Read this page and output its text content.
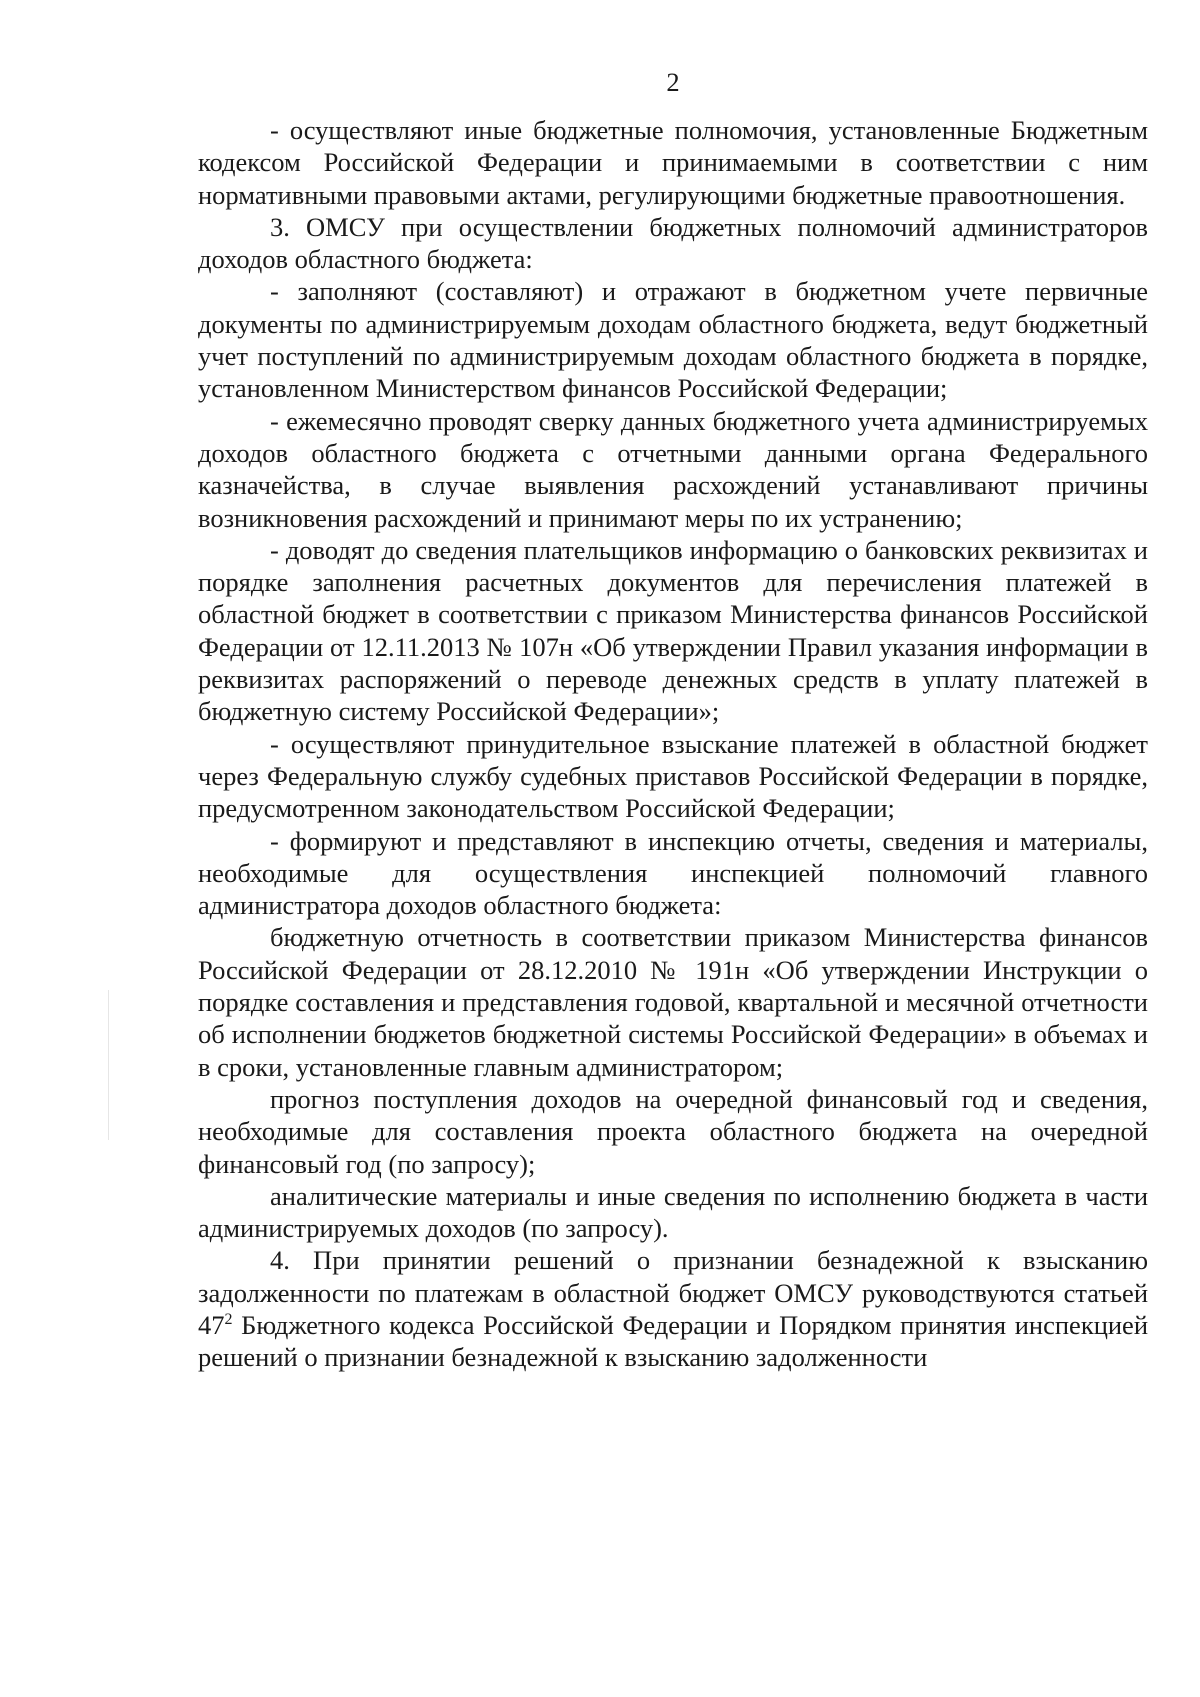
2

- осуществляют иные бюджетные полномочия, установленные Бюджетным кодексом Российской Федерации и принимаемыми в соответствии с ним нормативными правовыми актами, регулирующими бюджетные правоотношения.

3. ОМСУ при осуществлении бюджетных полномочий администраторов доходов областного бюджета:

- заполняют (составляют) и отражают в бюджетном учете первичные документы по администрируемым доходам областного бюджета, ведут бюджетный учет поступлений по администрируемым доходам областного бюджета в порядке, установленном Министерством финансов Российской Федерации;

- ежемесячно проводят сверку данных бюджетного учета администрируемых доходов областного бюджета с отчетными данными органа Федерального казначейства, в случае выявления расхождений устанавливают причины возникновения расхождений и принимают меры по их устранению;

- доводят до сведения плательщиков информацию о банковских реквизитах и порядке заполнения расчетных документов для перечисления платежей в областной бюджет в соответствии с приказом Министерства финансов Российской Федерации от 12.11.2013 № 107н «Об утверждении Правил указания информации в реквизитах распоряжений о переводе денежных средств в уплату платежей в бюджетную систему Российской Федерации»;

- осуществляют принудительное взыскание платежей в областной бюджет через Федеральную службу судебных приставов Российской Федерации в порядке, предусмотренном законодательством Российской Федерации;

- формируют и представляют в инспекцию отчеты, сведения и материалы, необходимые для осуществления инспекцией полномочий главного администратора доходов областного бюджета:

бюджетную отчетность в соответствии приказом Министерства финансов Российской Федерации от 28.12.2010 № 191н «Об утверждении Инструкции о порядке составления и представления годовой, квартальной и месячной отчетности об исполнении бюджетов бюджетной системы Российской Федерации» в объемах и в сроки, установленные главным администратором;

прогноз поступления доходов на очередной финансовый год и сведения, необходимые для составления проекта областного бюджета на очередной финансовый год (по запросу);

аналитические материалы и иные сведения по исполнению бюджета в части администрируемых доходов (по запросу).

4. При принятии решений о признании безнадежной к взысканию задолженности по платежам в областной бюджет ОМСУ руководствуются статьей $47^2$ Бюджетного кодекса Российской Федерации и Порядком принятия инспекцией решений о признании безнадежной к взысканию задолженности
